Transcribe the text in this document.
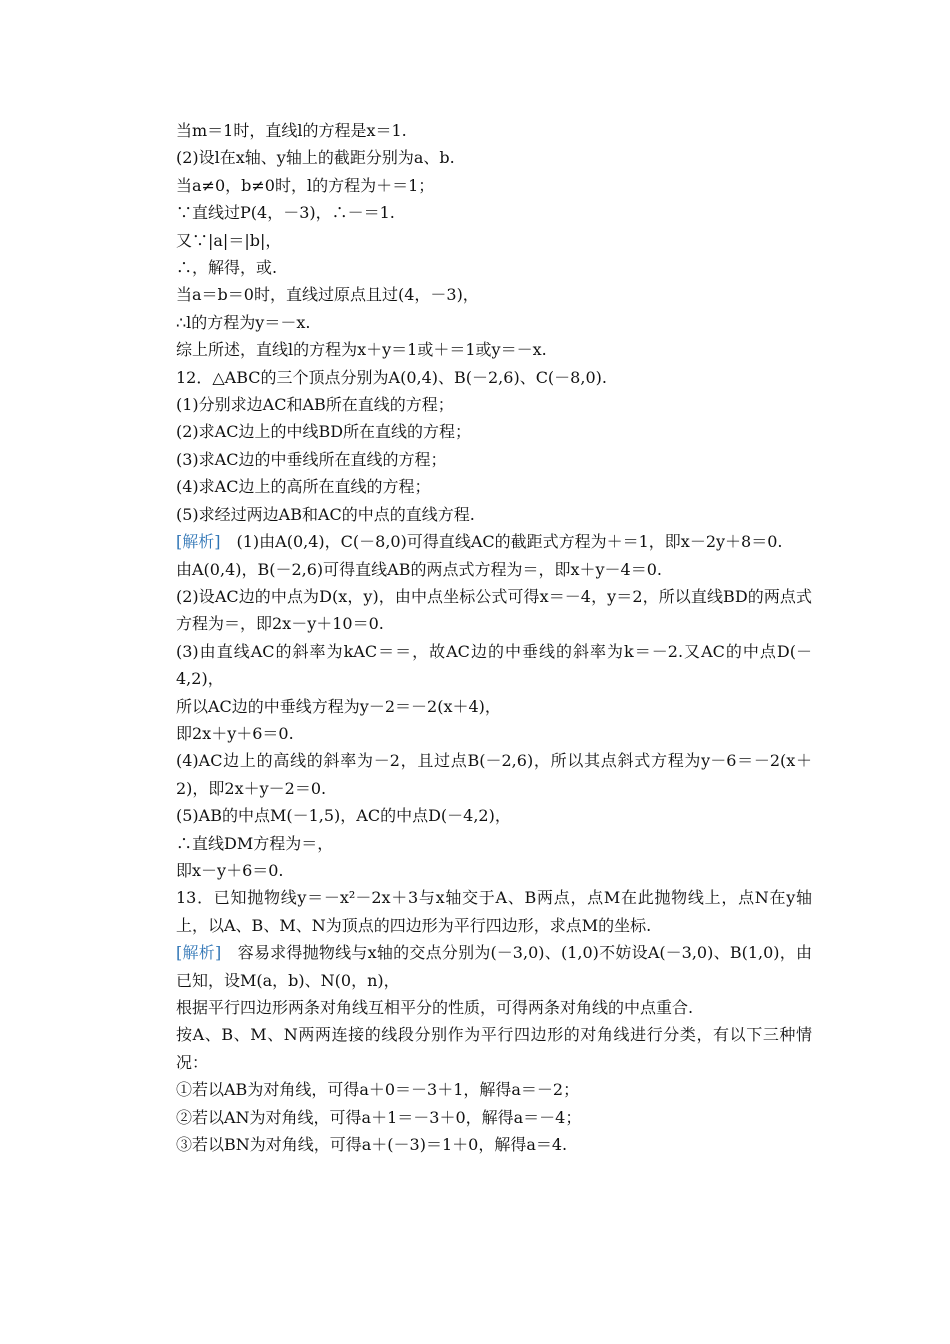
当m＝1时，直线l的方程是x＝1.
(2)设l在x轴、y轴上的截距分别为a、b.
当a≠0，b≠0时，l的方程为＋＝1；
∵直线过P(4，－3)，∴－＝1.
又∵|a|＝|b|，
∴，解得，或.
当a＝b＝0时，直线过原点且过(4，－3)，
∴l的方程为y＝－x.
综上所述，直线l的方程为x＋y＝1或＋＝1或y＝－x.
12．△ABC的三个顶点分别为A(0,4)、B(－2,6)、C(－8,0).
(1)分别求边AC和AB所在直线的方程；
(2)求AC边上的中线BD所在直线的方程；
(3)求AC边的中垂线所在直线的方程；
(4)求AC边上的高所在直线的方程；
(5)求经过两边AB和AC的中点的直线方程.
[解析]　(1)由A(0,4)，C(－8,0)可得直线AC的截距式方程为＋＝1，即x－2y＋8＝0.
由A(0,4)，B(－2,6)可得直线AB的两点式方程为＝，即x＋y－4＝0.
(2)设AC边的中点为D(x，y)，由中点坐标公式可得x＝－4，y＝2，所以直线BD的两点式方程为＝，即2x－y＋10＝0.
(3)由直线AC的斜率为kAC＝＝，故AC边的中垂线的斜率为k＝－2.又AC的中点D(－4,2)，
所以AC边的中垂线方程为y－2＝－2(x＋4)，
即2x＋y＋6＝0.
(4)AC边上的高线的斜率为－2，且过点B(－2,6)，所以其点斜式方程为y－6＝－2(x＋2)，即2x＋y－2＝0.
(5)AB的中点M(－1,5)，AC的中点D(－4,2)，
∴直线DM方程为＝，
即x－y＋6＝0.
13．已知抛物线y＝－x²－2x＋3与x轴交于A、B两点，点M在此抛物线上，点N在y轴上，以A、B、M、N为顶点的四边形为平行四边形，求点M的坐标.
[解析]　容易求得抛物线与x轴的交点分别为(－3,0)、(1,0)不妨设A(－3,0)、B(1,0)，由已知，设M(a，b)、N(0，n)，
根据平行四边形两条对角线互相平分的性质，可得两条对角线的中点重合.
按A、B、M、N两两连接的线段分别作为平行四边形的对角线进行分类，有以下三种情况：
①若以AB为对角线，可得a＋0＝－3＋1，解得a＝－2；
②若以AN为对角线，可得a＋1＝－3＋0，解得a＝－4；
③若以BN为对角线，可得a＋(－3)＝1＋0，解得a＝4.
